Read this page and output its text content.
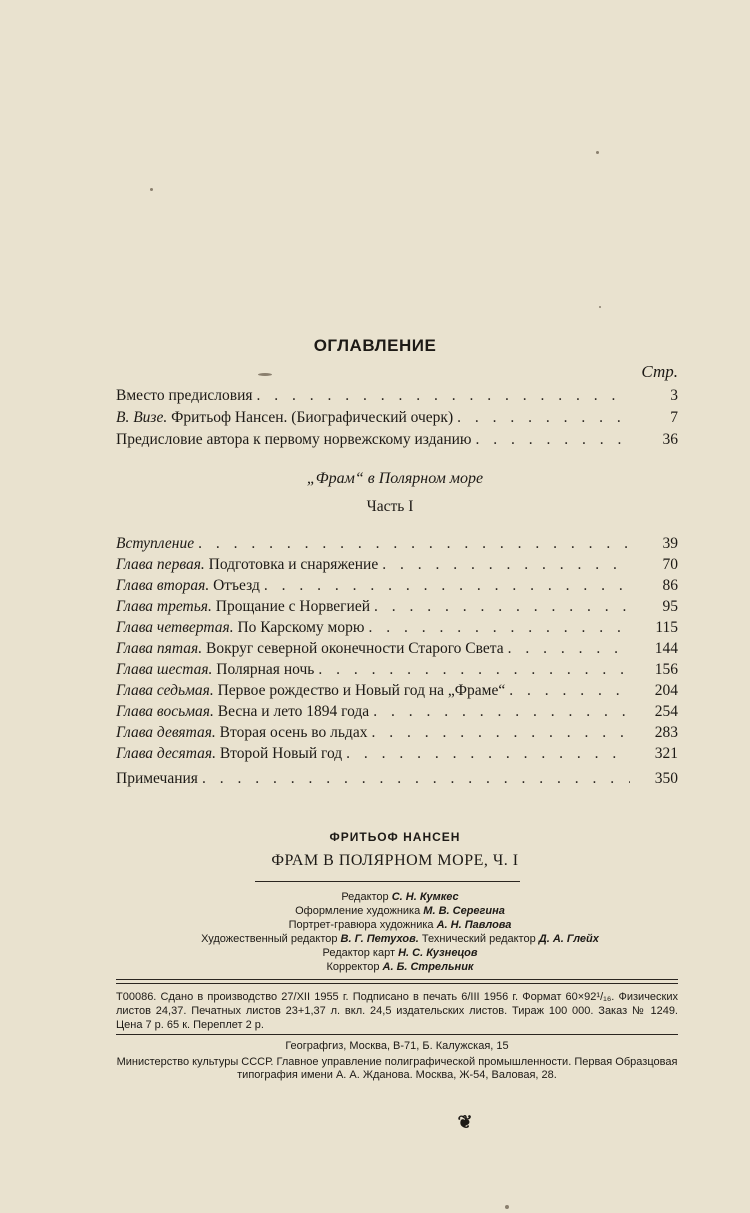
ОГЛАВЛЕНИЕ
Стр.
Вместо предисловия . . .	3
В. Визе. Фритьоф Нансен. (Биографический очерк) . . .	7
Предисловие автора к первому норвежскому изданию . . .	36
„Фрам“ в Полярном море
Часть I
Вступление . . .	39
Глава первая. Подготовка и снаряжение . . .	70
Глава вторая. Отъезд . . .	86
Глава третья. Прощание с Норвегией . . .	95
Глава четвертая. По Карскому морю . . .	115
Глава пятая. Вокруг северной оконечности Старого Света . . .	144
Глава шестая. Полярная ночь . . .	156
Глава седьмая. Первое рождество и Новый год на „Фраме“ . . .	204
Глава восьмая. Весна и лето 1894 года . . .	254
Глава девятая. Вторая осень во льдах . . .	283
Глава десятая. Второй Новый год . . .	321
Примечания . . .	350
ФРИТЬОФ НАНСЕН
ФРАМ В ПОЛЯРНОМ МОРЕ, Ч. I
Редактор С. Н. Кумкес
Оформление художника М. В. Серегина
Портрет-гравюра художника А. Н. Павлова
Художественный редактор В. Г. Петухов. Технический редактор Д. А. Глейх
Редактор карт Н. С. Кузнецов
Корректор А. Б. Стрельник
Т00086. Сдано в производство 27/XII 1955 г. Подписано в печать 6/III 1956 г. Формат 60×92¹/₁₆. Физических листов 24,37. Печатных листов 23+1,37 л. вкл. 24,5 издательских листов. Тираж 100 000. Заказ № 1249. Цена 7 р. 65 к. Переплет 2 р.
Географгиз, Москва, В-71, Б. Калужская, 15
Министерство культуры СССР. Главное управление полиграфической промышленности. Первая Образцовая типография имени А. А. Жданова. Москва, Ж-54, Валовая, 28.
❦
